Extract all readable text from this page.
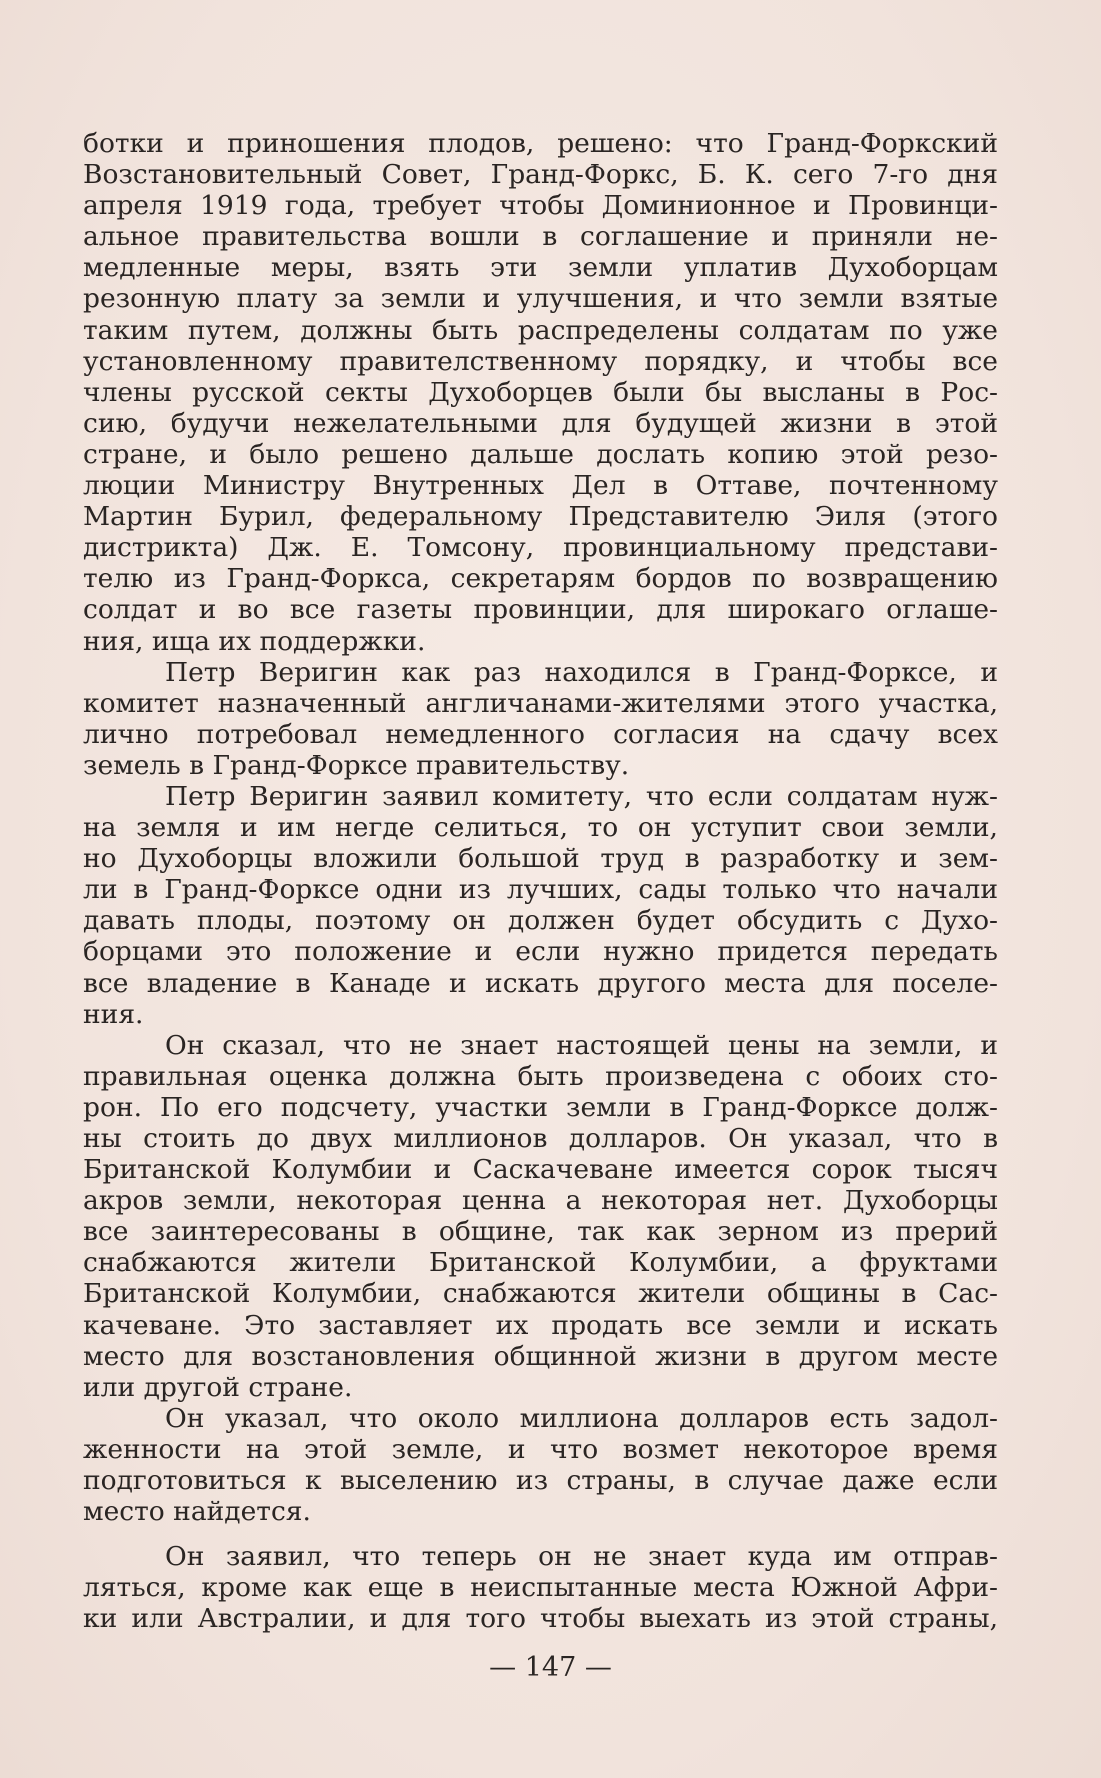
ботки и приношения плодов, решено: что Гранд-Форкский
Возстановительный Совет, Гранд-Форкс, Б. К. сего 7-го дня
апреля 1919 года, требует чтобы Доминионное и Провинци-
альное правительства вошли в соглашение и приняли не-
медленные меры, взять эти земли уплатив Духоборцам
резонную плату за земли и улучшения, и что земли взятые
таким путем, должны быть распределены солдатам по уже
установленному правителственному порядку, и чтобы все
члены русской секты Духоборцев были бы высланы в Рос-
сию, будучи нежелательными для будущей жизни в этой
стране, и было решено дальше дослать копию этой резо-
люции Министру Внутренных Дел в Оттаве, почтенному
Мартин Бурил, федеральному Представителю Эиля (этого
дистрикта) Дж. Е. Томсону, провинциальному представи-
телю из Гранд-Форкса, секретарям бордов по возвращению
солдат и во все газеты провинции, для широкаго оглаше-
ния, ища их поддержки.
Петр Веригин как раз находился в Гранд-Форксе, и
комитет назначенный англичанами-жителями этого участка,
лично потребовал немедленного согласия на сдачу всех
земель в Гранд-Форксе правительству.
Петр Веригин заявил комитету, что если солдатам нуж-
на земля и им негде селиться, то он уступит свои земли,
но Духоборцы вложили большой труд в разработку и зем-
ли в Гранд-Форксе одни из лучших, сады только что начали
давать плоды, поэтому он должен будет обсудить с Духо-
борцами это положение и если нужно придется передать
все владение в Канаде и искать другого места для поселе-
ния.
Он сказал, что не знает настоящей цены на земли, и
правильная оценка должна быть произведена с обоих сто-
рон. По его подсчету, участки земли в Гранд-Форксе долж-
ны стоить до двух миллионов долларов. Он указал, что в
Британской Колумбии и Саскачеване имеется сорок тысяч
акров земли, некоторая ценна а некоторая нет. Духоборцы
все заинтересованы в общине, так как зерном из прерий
снабжаются жители Британской Колумбии, а фруктами
Британской Колумбии, снабжаются жители общины в Сас-
качеване. Это заставляет их продать все земли и искать
место для возстановления общинной жизни в другом месте
или другой стране.
Он указал, что около миллиона долларов есть задол-
женности на этой земле, и что возмет некоторое время
подготовиться к выселению из страны, в случае даже если
место найдется.
Он заявил, что теперь он не знает куда им отправ-
ляться, кроме как еще в неиспытанные места Южной Афри-
ки или Австралии, и для того чтобы выехать из этой страны,
— 147 —
